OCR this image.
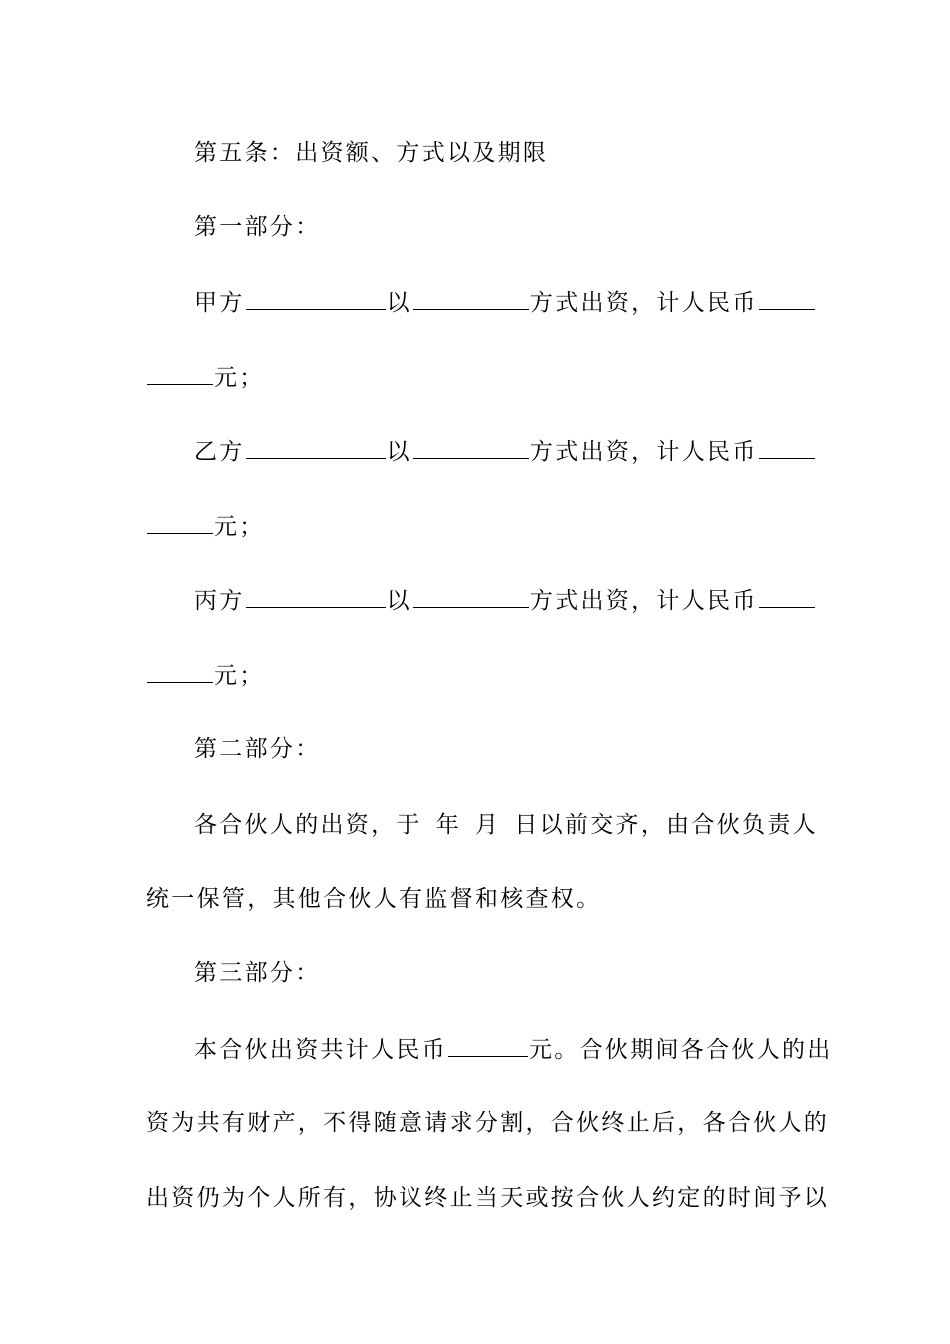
第五条：出资额、方式以及期限
第一部分：
甲方	以	方式出资，计人民币
元；
乙方	以	方式出资，计人民币
元；
丙方	以	方式出资，计人民币
元；
第二部分：
各合伙人的出资，于 年 月 日以前交齐，由合伙负责人
统一保管，其他合伙人有监督和核查权。
第三部分：
本合伙出资共计人民币	元。合伙期间各合伙人的出
资为共有财产，不得随意请求分割，合伙终止后，各合伙人的
出资仍为个人所有，协议终止当天或按合伙人约定的时间予以
